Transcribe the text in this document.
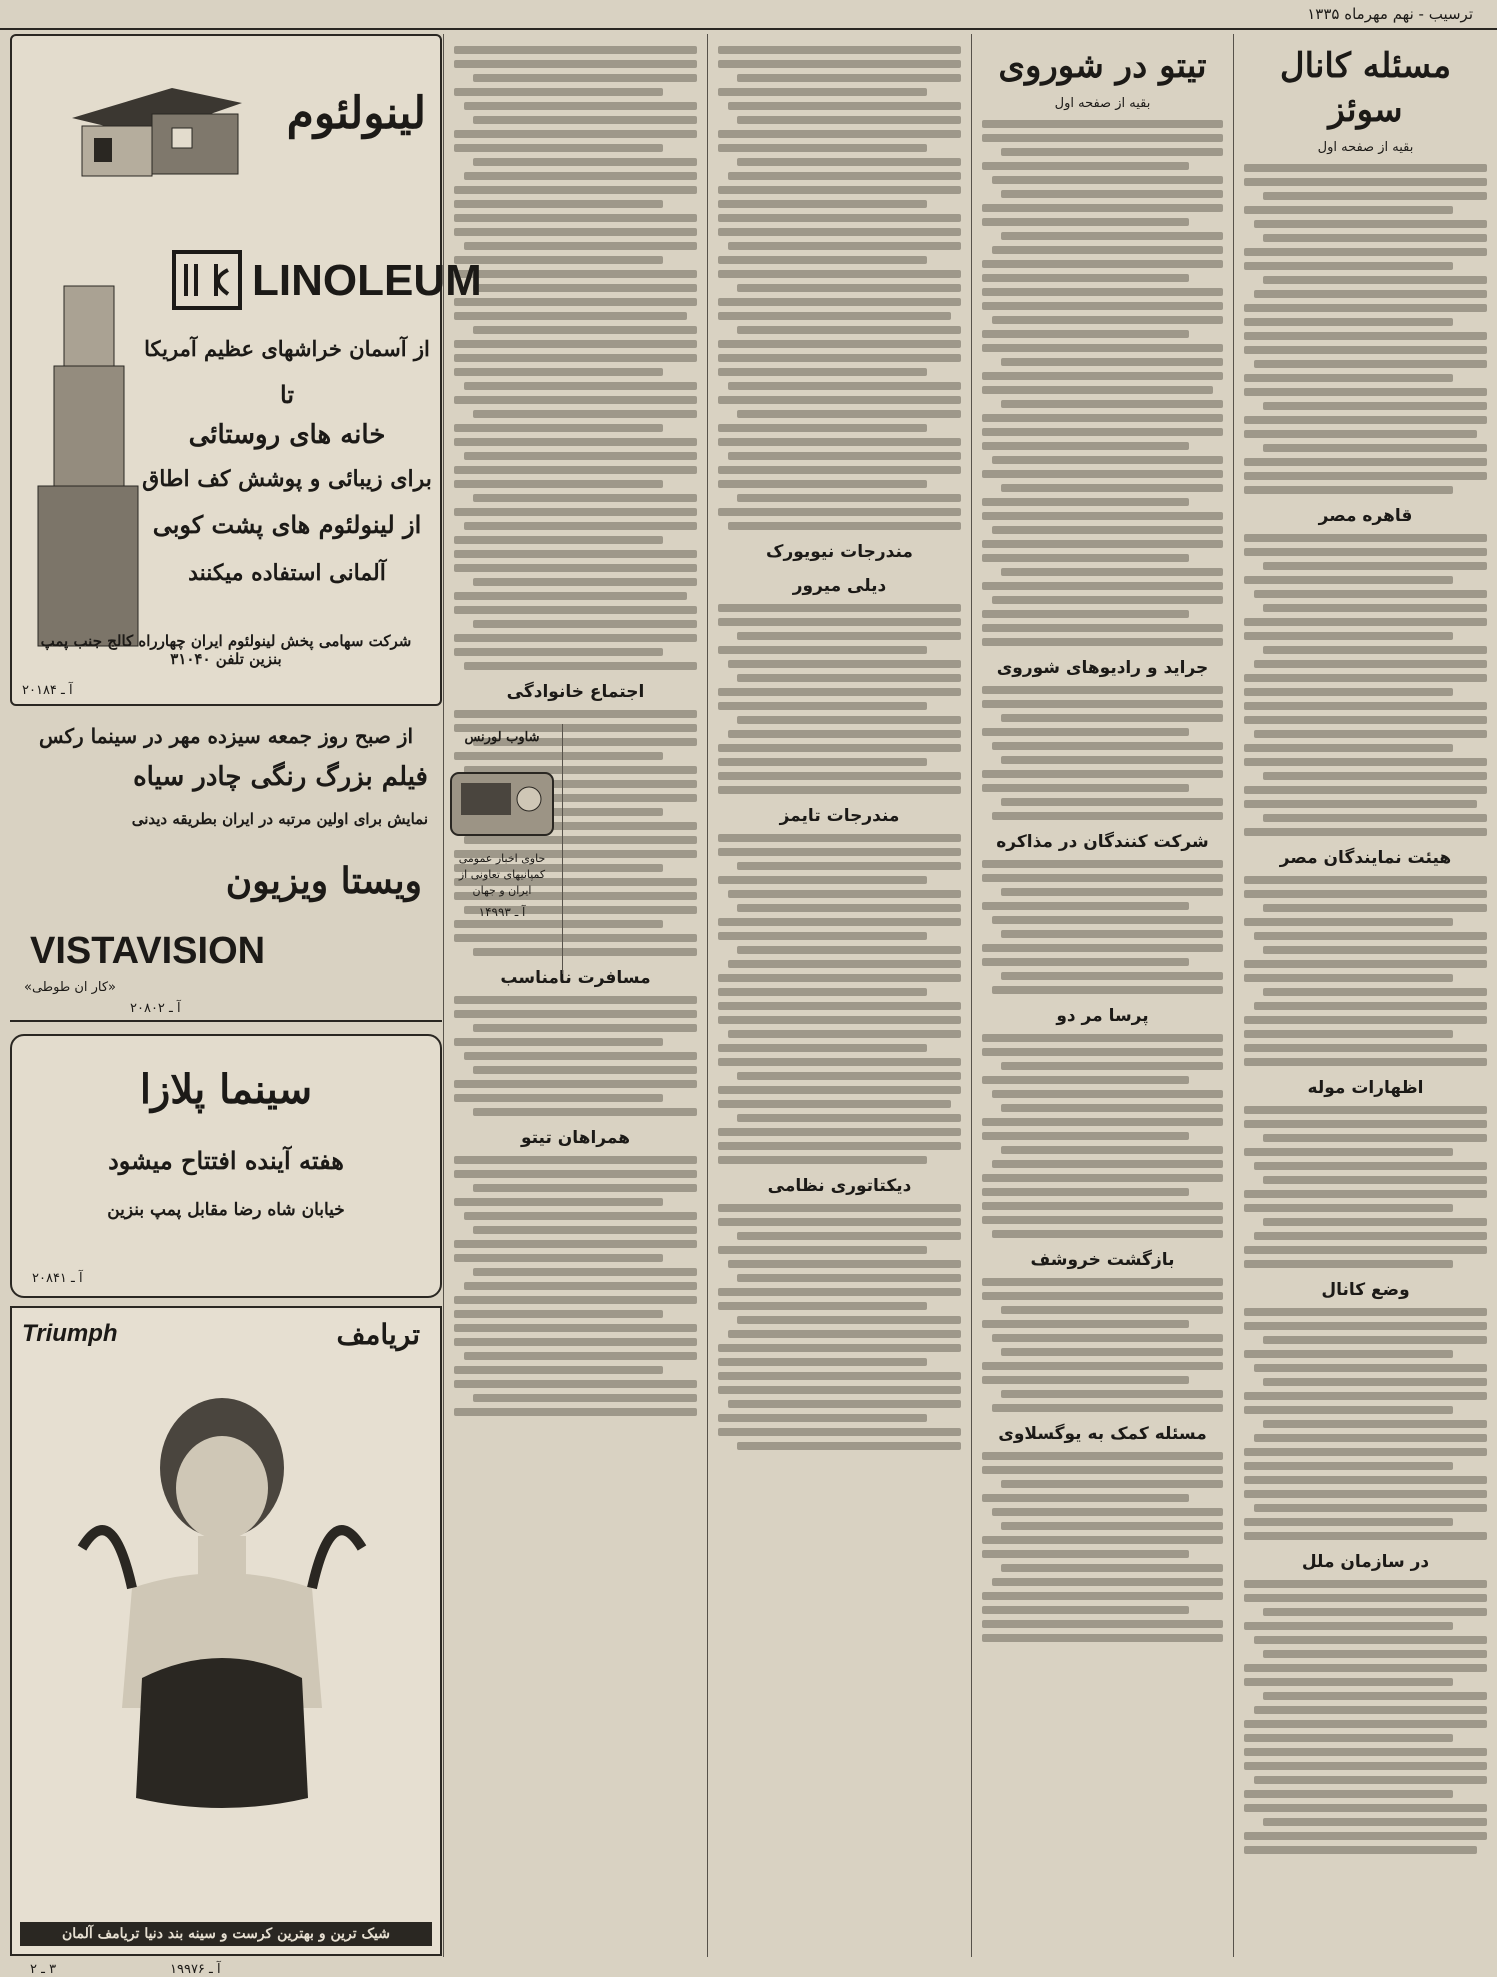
ترسيب - نهم مهرماه ۱۳۳۵
مسئله کانال سوئز
بقیه از صفحه اول
قاهره مصر
هیئت نمایندگان مصر
اظهارات موله
وضع کانال
در سازمان ملل
تیتو در شوروی
بقیه از صفحه اول
جراید و رادیوهای شوروی
شرکت کنندگان در مذاکره
پرسا مر دو
بازگشت خروشف
مسئله کمک به یوگسلاوی
مندرجات نیویورک
دیلی میرور
مندرجات تایمز
دیکتاتوری نظامی
اجتماع خانوادگی
مسافرت نامناسب
همراهان تیتو
لینولئوم
LINOLEUM
از آسمان خراشهای عظیم آمریکا
تا
خانه های روستائی
برای زیبائی و پوشش کف اطاق
از لینولئوم های پشت کوبی
آلمانی استفاده میکنند
شرکت سهامی پخش لینولئوم ایران چهارراه کالج جنب پمپ بنزین تلفن ۳۱۰۴۰
آ ـ ۲۰۱۸۴
از صبح روز جمعه سیزده مهر در سینما رکس
فیلم بزرگ رنگی چادر سیاه
نمایش برای اولین مرتبه در ایران بطریقه دیدنی
ویستا ویزیون
VISTAVISION
«کار ان طوطی»
آ ـ ۲۰۸۰۲
سینما پلازا
هفته آینده افتتاح میشود
خیابان شاه رضا مقابل پمپ بنزین
آ ـ ۲۰۸۴۱
Triumph	تریامف
شیک ترین و بهترین کرست و سینه بند دنیا تریامف آلمان
آ ـ ۱۹۹۷۶
۳ ـ ۲
شاوب لورنس
حاوی اخبار عمومی کمپانیهای تعاونی از ایران و جهان
آ ـ ۱۴۹۹۳
